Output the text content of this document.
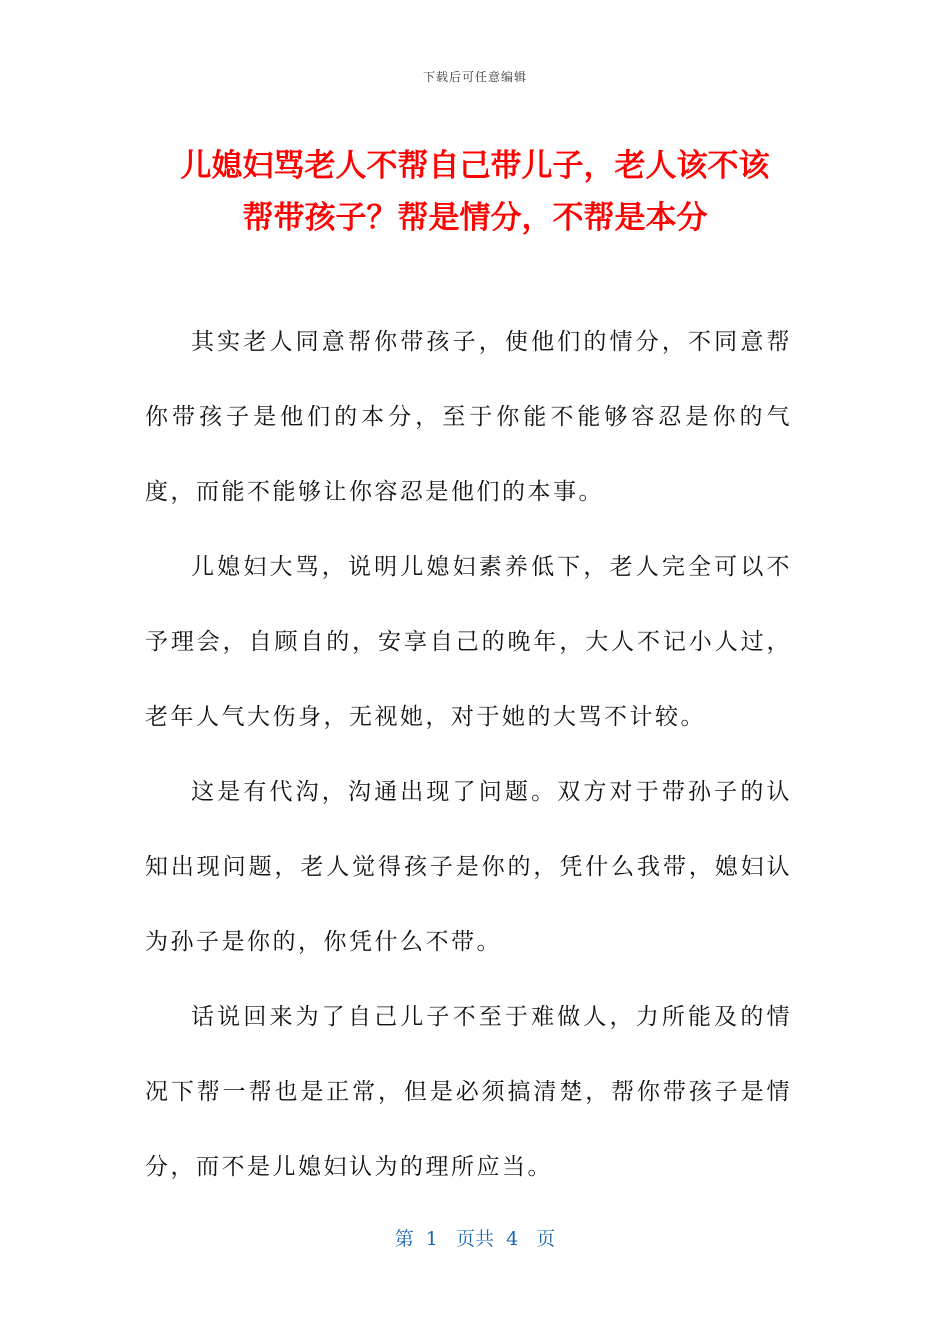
下载后可任意编辑
儿媳妇骂老人不帮自己带儿子，老人该不该
帮带孩子？帮是情分，不帮是本分

其实老人同意帮你带孩子，使他们的情分，不同意帮你带孩子是他们的本分，至于你能不能够容忍是你的气度，而能不能够让你容忍是他们的本事。

儿媳妇大骂，说明儿媳妇素养低下，老人完全可以不予理会，自顾自的，安享自己的晚年，大人不记小人过，老年人气大伤身，无视她，对于她的大骂不计较。

这是有代沟，沟通出现了问题。双方对于带孙子的认知出现问题，老人觉得孩子是你的，凭什么我带，媳妇认为孙子是你的，你凭什么不带。

话说回来为了自己儿子不至于难做人，力所能及的情况下帮一帮也是正常，但是必须搞清楚，帮你带孩子是情分，而不是儿媳妇认为的理所应当。

第  1   页共  4   页
